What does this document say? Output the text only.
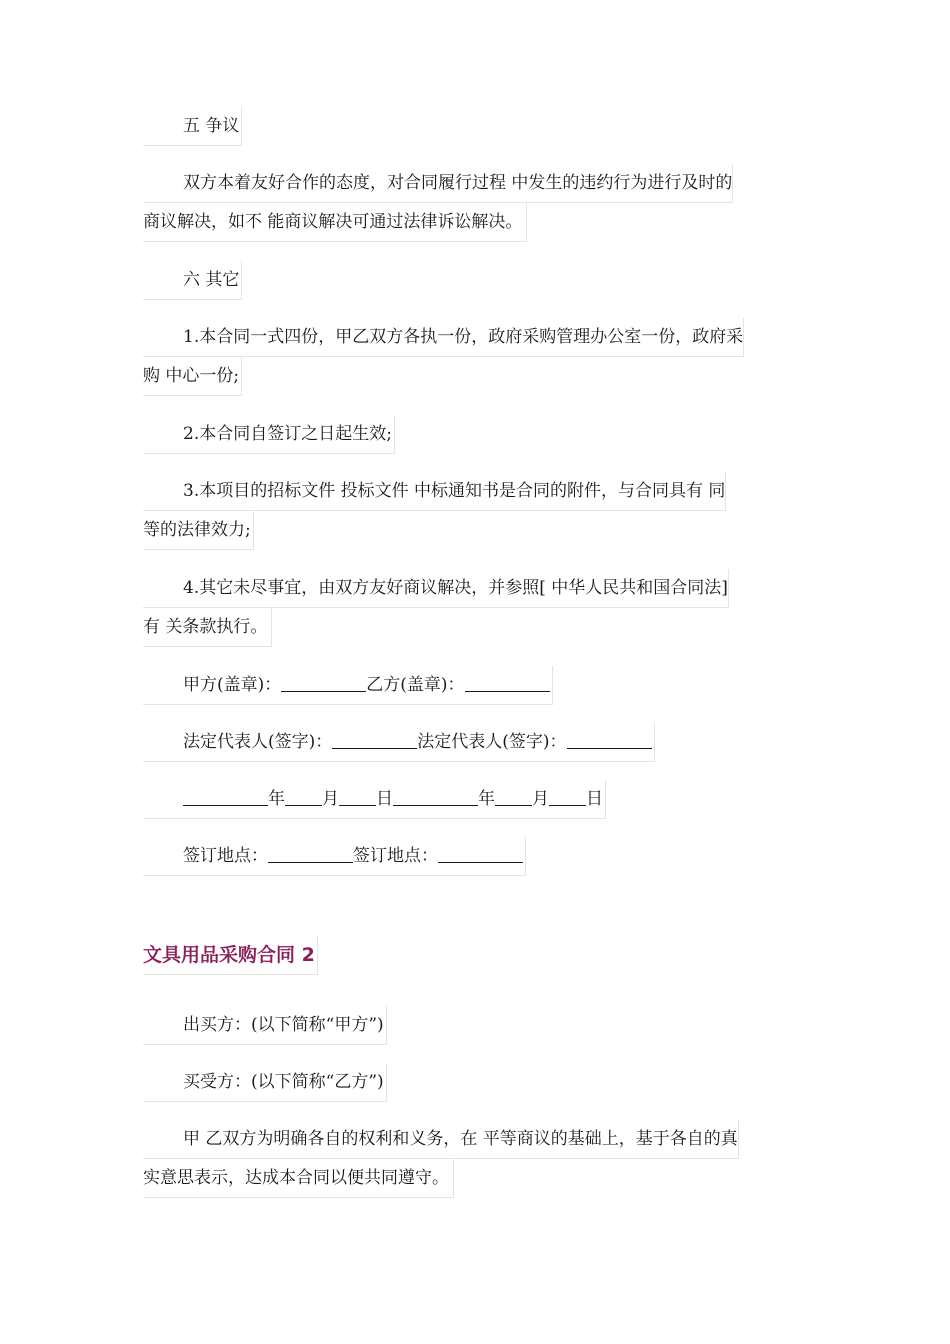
五 争议
双方本着友好合作的态度，对合同履行过程 中发生的违约行为进行及时的
商议解决，如不 能商议解决可通过法律诉讼解决。
六 其它
1.本合同一式四份，甲乙双方各执一份，政府采购管理办公室一份，政府采
购 中心一份;
2.本合同自签订之日起生效;
3.本项目的招标文件 投标文件 中标通知书是合同的附件，与合同具有 同
等的法律效力;
4.其它未尽事宜，由双方友好商议解决，并参照[ 中华人民共和国合同法]
有 关条款执行。
甲方(盖章)：	乙方(盖章)：
法定代表人(签字)：	法定代表人(签字)：
年 月 日	年 月 日
签订地点：	签订地点：
文具用品采购合同 2
出买方：(以下简称“甲方”)
买受方：(以下简称“乙方”)
甲 乙双方为明确各自的权利和义务，在 平等商议的基础上，基于各自的真
实意思表示，达成本合同以便共同遵守。
